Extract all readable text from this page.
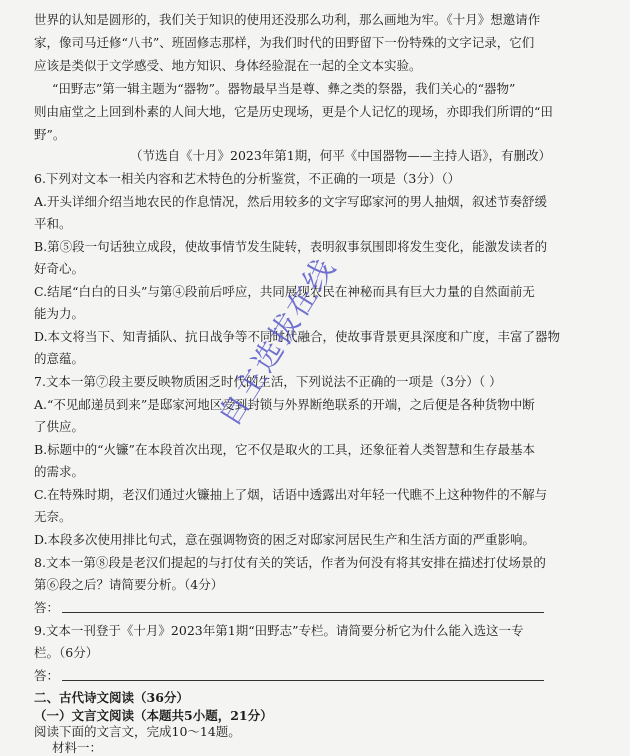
世界的认知是圆形的，我们关于知识的使用还没那么功利，那么画地为牢。《十月》想邀请作
家，像司马迁修“八书”、班固修志那样，为我们时代的田野留下一份特殊的文字记录，它们
应该是类似于文学感受、地方知识、身体经验混在一起的全文本实验。
“田野志”第一辑主题为“器物”。器物最早当是尊、彝之类的祭器，我们关心的“器物”
则由庙堂之上回到朴素的人间大地，它是历史现场，更是个人记忆的现场，亦即我们所谓的“田
野”。
（节选自《十月》2023年第1期，何平《中国器物——主持人语》，有删改）
6.下列对文本一相关内容和艺术特色的分析鉴赏，不正确的一项是（3分）（）
A.开头详细介绍当地农民的作息情况，然后用较多的文字写邸家河的男人抽烟，叙述节奏舒缓
平和。
B.第⑤段一句话独立成段，使故事情节发生陡转，表明叙事氛围即将发生变化，能激发读者的
好奇心。
C.结尾“白白的日头”与第④段前后呼应，共同展现农民在神秘而具有巨大力量的自然面前无
能为力。
D.本文将当下、知青插队、抗日战争等不同时代融合，使故事背景更具深度和广度，丰富了器物
的意蕴。
7.文本一第⑦段主要反映物质困乏时代的生活，下列说法不正确的一项是（3分）（ ）
A.“不见邮递员到来”是邸家河地区受到封锁与外界断绝联系的开端，之后便是各种货物中断
了供应。
B.标题中的“火镰”在本段首次出现，它不仅是取火的工具，还象征着人类智慧和生存最基本
的需求。
C.在特殊时期，老汉们通过火镰抽上了烟，话语中透露出对年轻一代瞧不上这种物件的不解与
无奈。
D.本段多次使用排比句式，意在强调物资的困乏对邸家河居民生产和生活方面的严重影响。
8.文本一第⑧段是老汉们提起的与打仗有关的笑话，作者为何没有将其安排在描述打仗场景的
第⑥段之后？请简要分析。（4分）
答：
9.文本一刊登于《十月》2023年第1期“田野志”专栏。请简要分析它为什么能入选这一专
栏。（6分）
答：
二、古代诗文阅读（36分）
（一）文言文阅读（本题共5小题，21分）
阅读下面的文言文，完成10～14题。
材料一：
自主选拔在线
